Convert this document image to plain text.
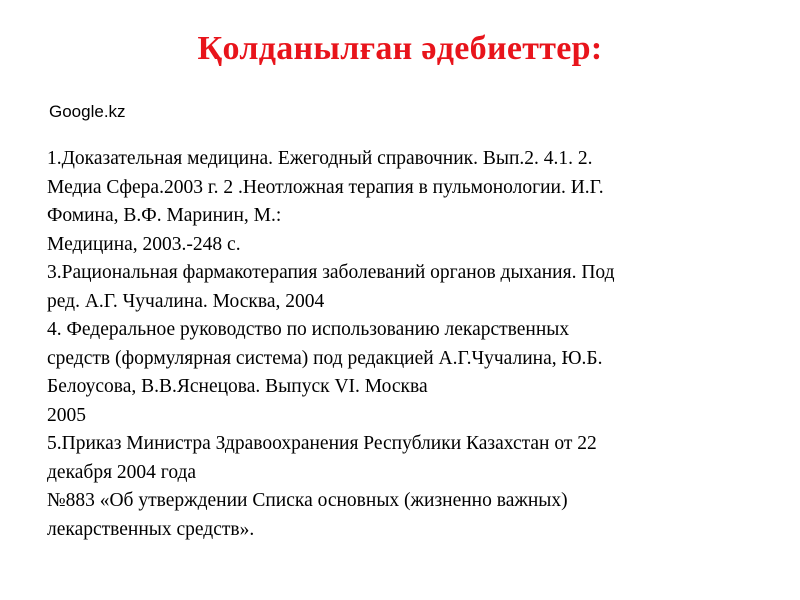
Қолданылған әдебиеттер:
Google.kz
1.Доказательная медицина. Ежегодный справочник. Вып.2. 4.1. 2.
Медиа Сфера.2003 г. 2 .Неотложная терапия в пульмонологии. И.Г.
Фомина, В.Ф. Маринин, М.:
Медицина, 2003.-248 с.
3.Рациональная фармакотерапия заболеваний органов дыхания. Под
ред. А.Г. Чучалина. Москва, 2004
4. Федеральное руководство по использованию лекарственных
средств (формулярная система) под редакцией А.Г.Чучалина, Ю.Б.
Белоусова, В.В.Яснецова. Выпуск VI. Москва
2005
5.Приказ Министра Здравоохранения Республики Казахстан от 22
декабря 2004 года
№883 «Об утверждении Списка основных (жизненно важных)
лекарственных средств».
